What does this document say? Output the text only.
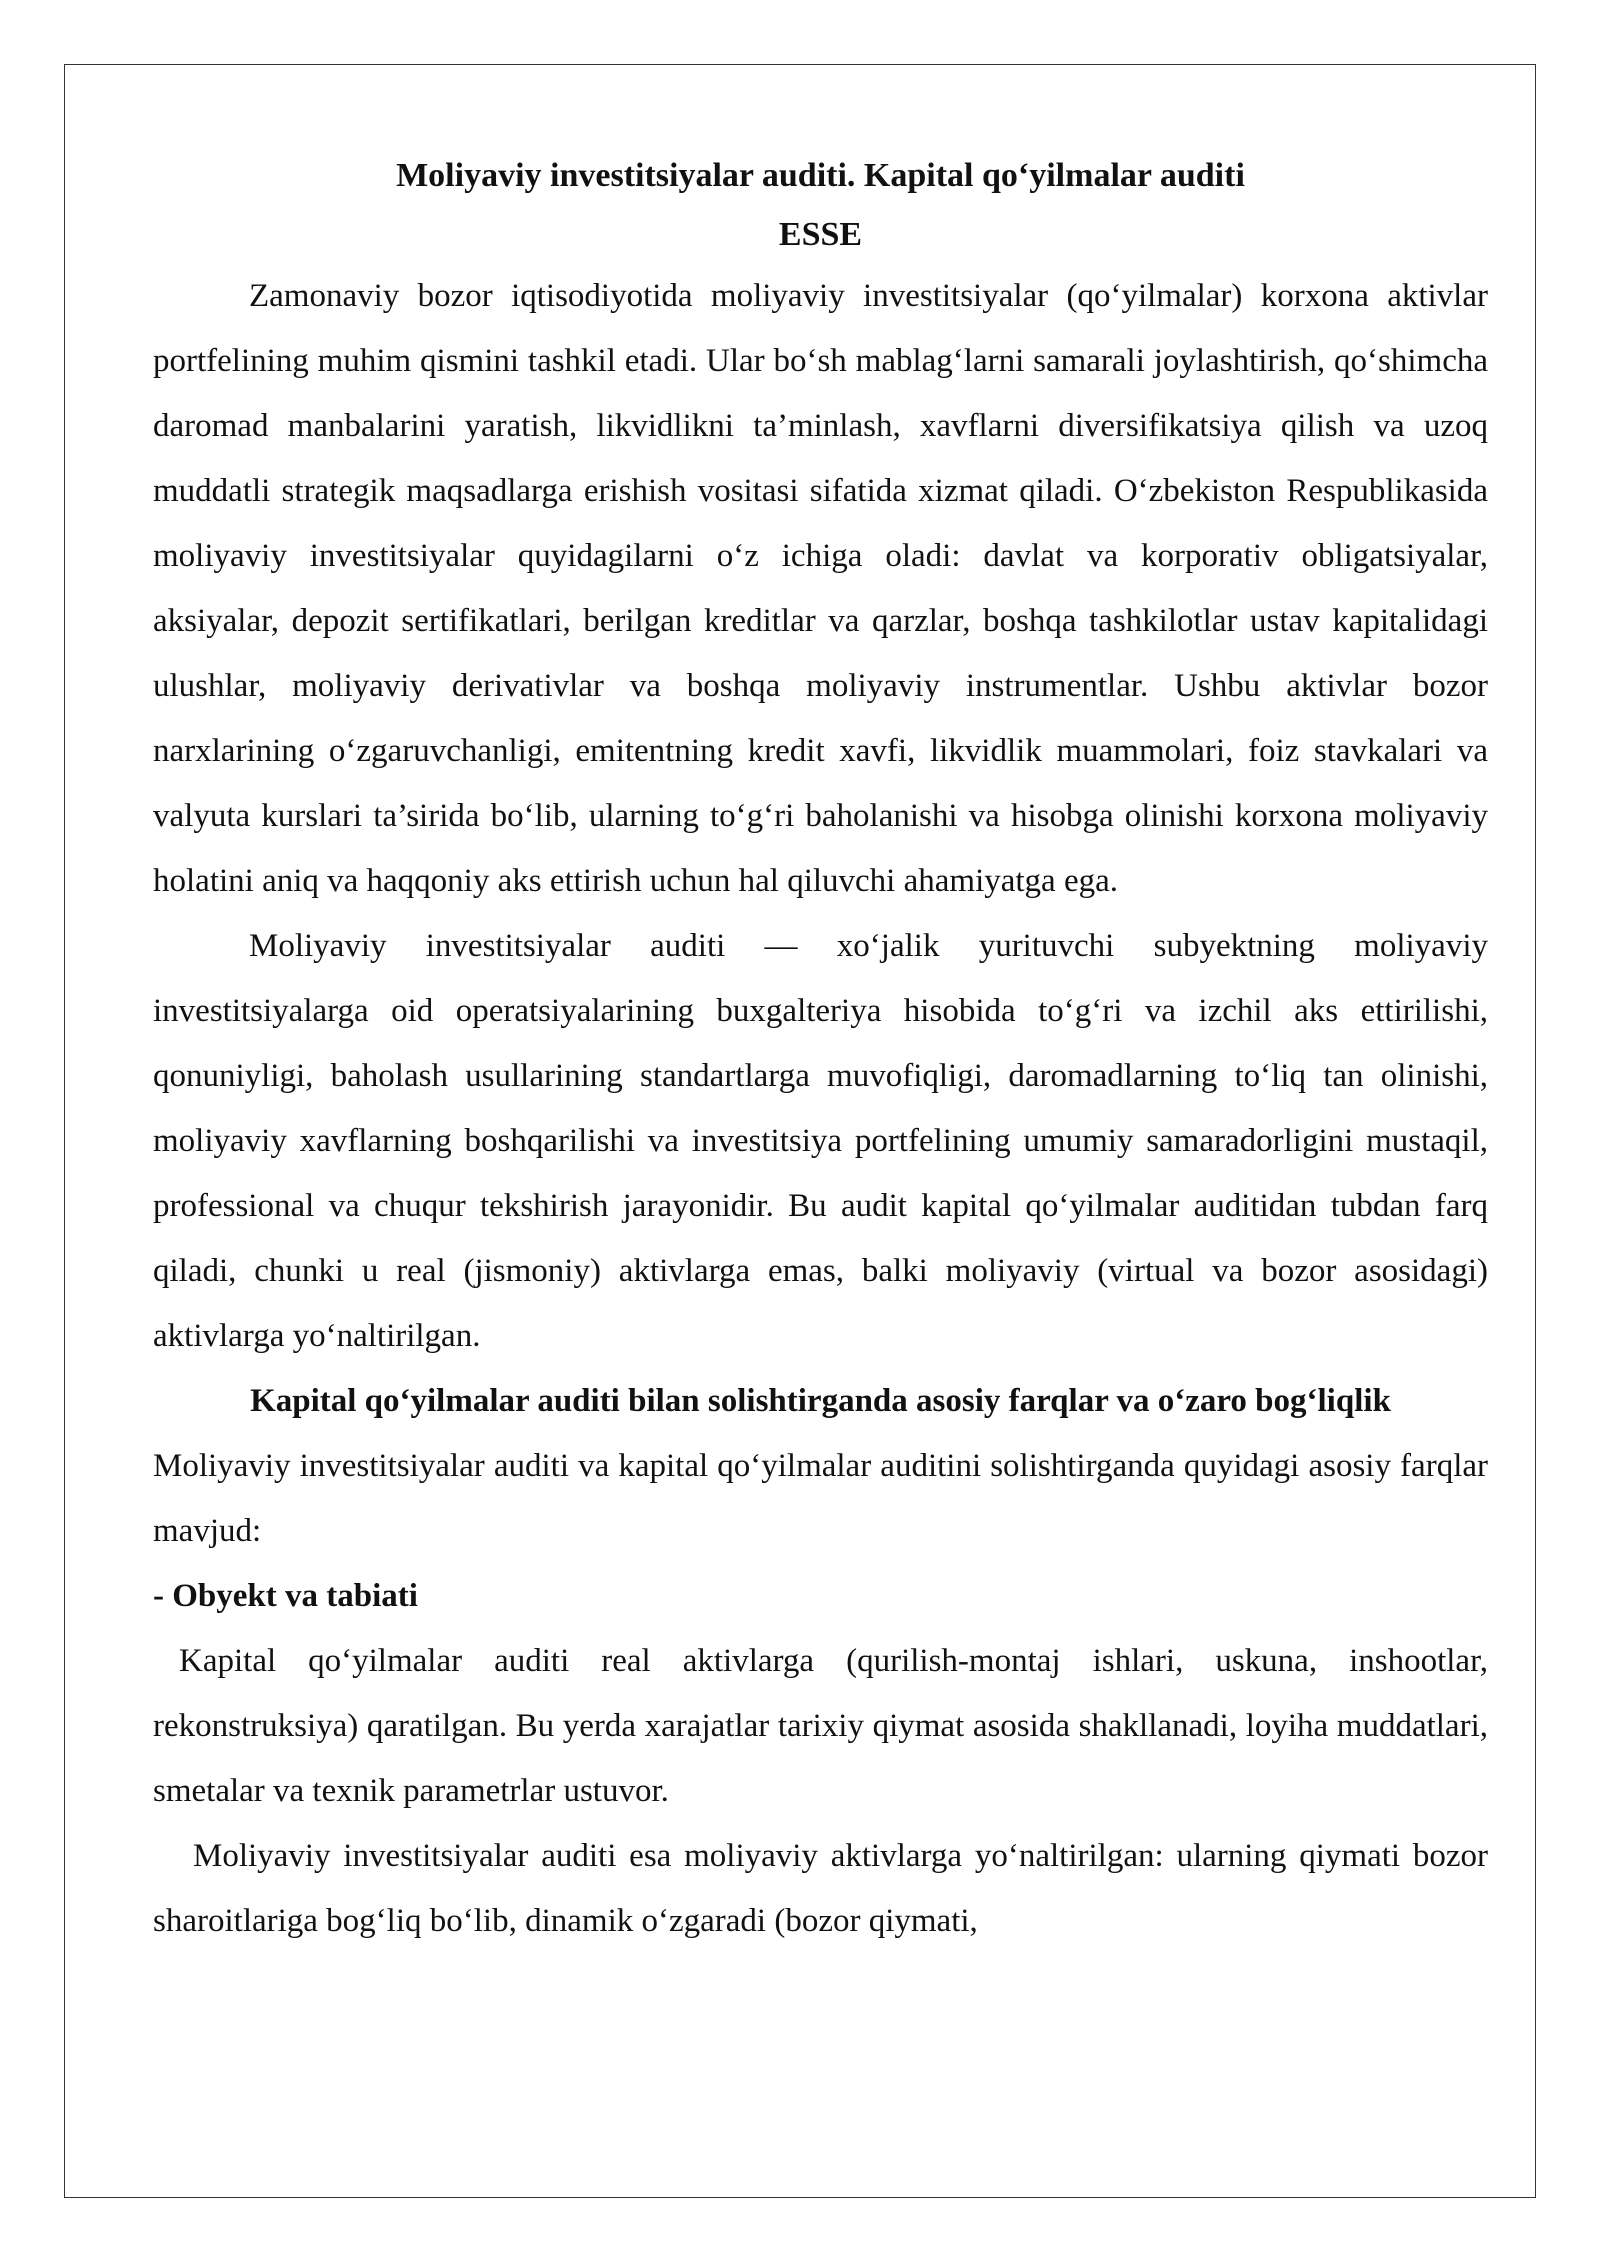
Moliyaviy investitsiyalar auditi. Kapital qo‘yilmalar auditi
ESSE

Zamonaviy bozor iqtisodiyotida moliyaviy investitsiyalar (qo‘yilmalar) korxona aktivlar portfelining muhim qismini tashkil etadi. Ular bo‘sh mablag‘larni samarali joylashtirish, qo‘shimcha daromad manbalarini yaratish, likvidlikni ta’minlash, xavflarni diversifikatsiya qilish va uzoq muddatli strategik maqsadlarga erishish vositasi sifatida xizmat qiladi. O‘zbekiston Respublikasida moliyaviy investitsiyalar quyidagilarni o‘z ichiga oladi: davlat va korporativ obligatsiyalar, aksiyalar, depozit sertifikatlari, berilgan kreditlar va qarzlar, boshqa tashkilotlar ustav kapitalidagi ulushlar, moliyaviy derivativlar va boshqa moliyaviy instrumentlar. Ushbu aktivlar bozor narxlarining o‘zgaruvchanligi, emitentning kredit xavfi, likvidlik muammolari, foiz stavkalari va valyuta kurslari ta’sirida bo‘lib, ularning to‘g‘ri baholanishi va hisobga olinishi korxona moliyaviy holatini aniq va haqqoniy aks ettirish uchun hal qiluvchi ahamiyatga ega.

Moliyaviy investitsiyalar auditi — xo‘jalik yurituvchi subyektning moliyaviy investitsiyalarga oid operatsiyalarining buxgalteriya hisobida to‘g‘ri va izchil aks ettirilishi, qonuniyligi, baholash usullarining standartlarga muvofiqligi, daromadlarning to‘liq tan olinishi, moliyaviy xavflarning boshqarilishi va investitsiya portfelining umumiy samaradorligini mustaqil, professional va chuqur tekshirish jarayonidir. Bu audit kapital qo‘yilmalar auditidan tubdan farq qiladi, chunki u real (jismoniy) aktivlarga emas, balki moliyaviy (virtual va bozor asosidagi) aktivlarga yo‘naltirilgan.

Kapital qo‘yilmalar auditi bilan solishtirganda asosiy farqlar va o‘zaro bog‘liqlik

Moliyaviy investitsiyalar auditi va kapital qo‘yilmalar auditini solishtirganda quyidagi asosiy farqlar mavjud:

- Obyekt va tabiati

Kapital qo‘yilmalar auditi real aktivlarga (qurilish-montaj ishlari, uskuna, inshootlar, rekonstruksiya) qaratilgan. Bu yerda xarajatlar tarixiy qiymat asosida shakllanadi, loyiha muddatlari, smetalar va texnik parametrlar ustuvor.

Moliyaviy investitsiyalar auditi esa moliyaviy aktivlarga yo‘naltirilgan: ularning qiymati bozor sharoitlariga bog‘liq bo‘lib, dinamik o‘zgaradi (bozor qiymati,
